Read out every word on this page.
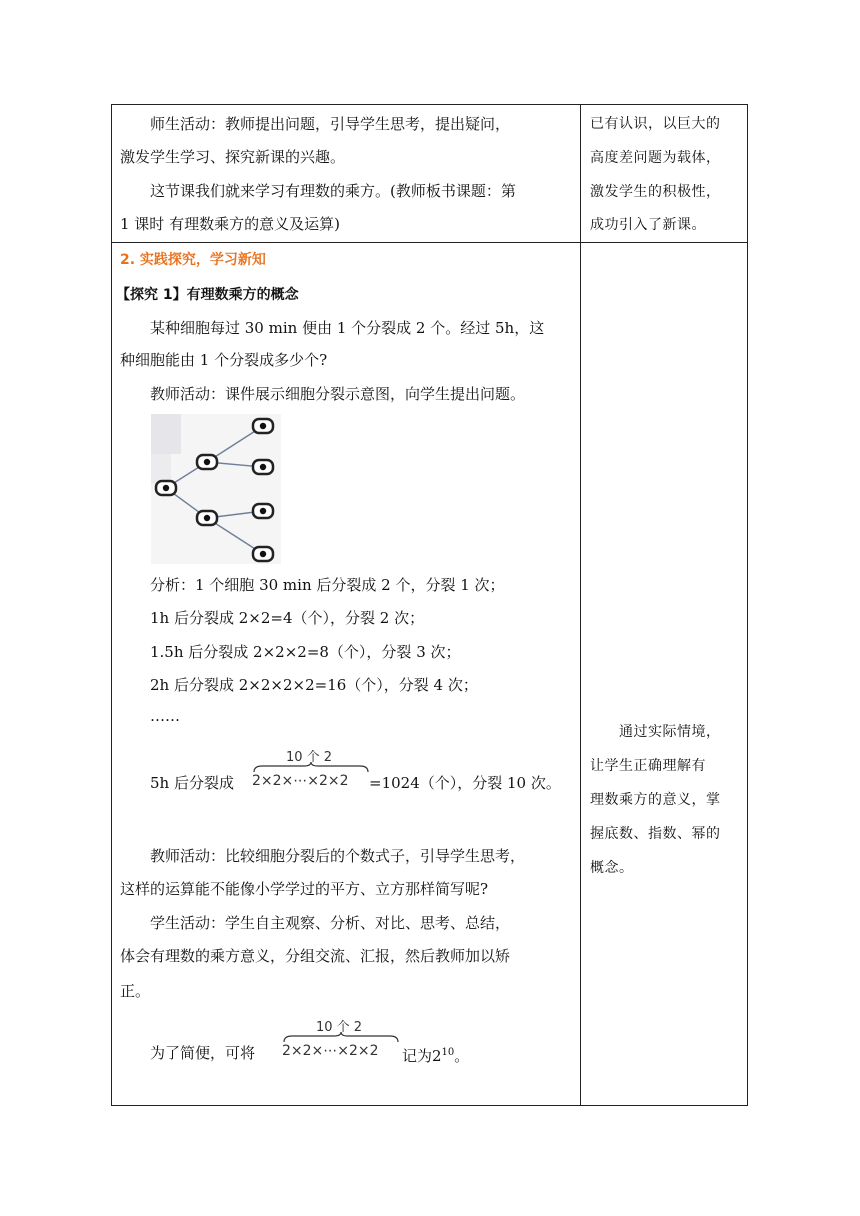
师生活动：教师提出问题，引导学生思考，提出疑问，
激发学生学习、探究新课的兴趣。
这节课我们就来学习有理数的乘方。(教师板书课题：第
1 课时 有理数乘方的意义及运算)
已有认识，以巨大的
高度差问题为载体，
激发学生的积极性，
成功引入了新课。
2. 实践探究，学习新知
【探究 1】有理数乘方的概念
某种细胞每过 30 min 便由 1 个分裂成 2 个。经过 5h，这
种细胞能由 1 个分裂成多少个?
教师活动：课件展示细胞分裂示意图，向学生提出问题。
分析：1 个细胞 30 min 后分裂成 2 个，分裂 1 次；
1h 后分裂成 2×2=4（个），分裂 2 次；
1.5h 后分裂成 2×2×2=8（个），分裂 3 次；
2h 后分裂成 2×2×2×2=16（个），分裂 4 次；
……
5h 后分裂成
10 个 2
2×2×⋯×2×2 =1024（个），分裂 10 次。
教师活动：比较细胞分裂后的个数式子，引导学生思考，
这样的运算能不能像小学学过的平方、立方那样简写呢?
学生活动：学生自主观察、分析、对比、思考、总结，
体会有理数的乘方意义，分组交流、汇报，然后教师加以矫
正。
为了简便，可将
10 个 2
2×2×⋯×2×2 记为$2^{10}$。
通过实际情境，
让学生正确理解有
理数乘方的意义，掌
握底数、指数、幂的
概念。
